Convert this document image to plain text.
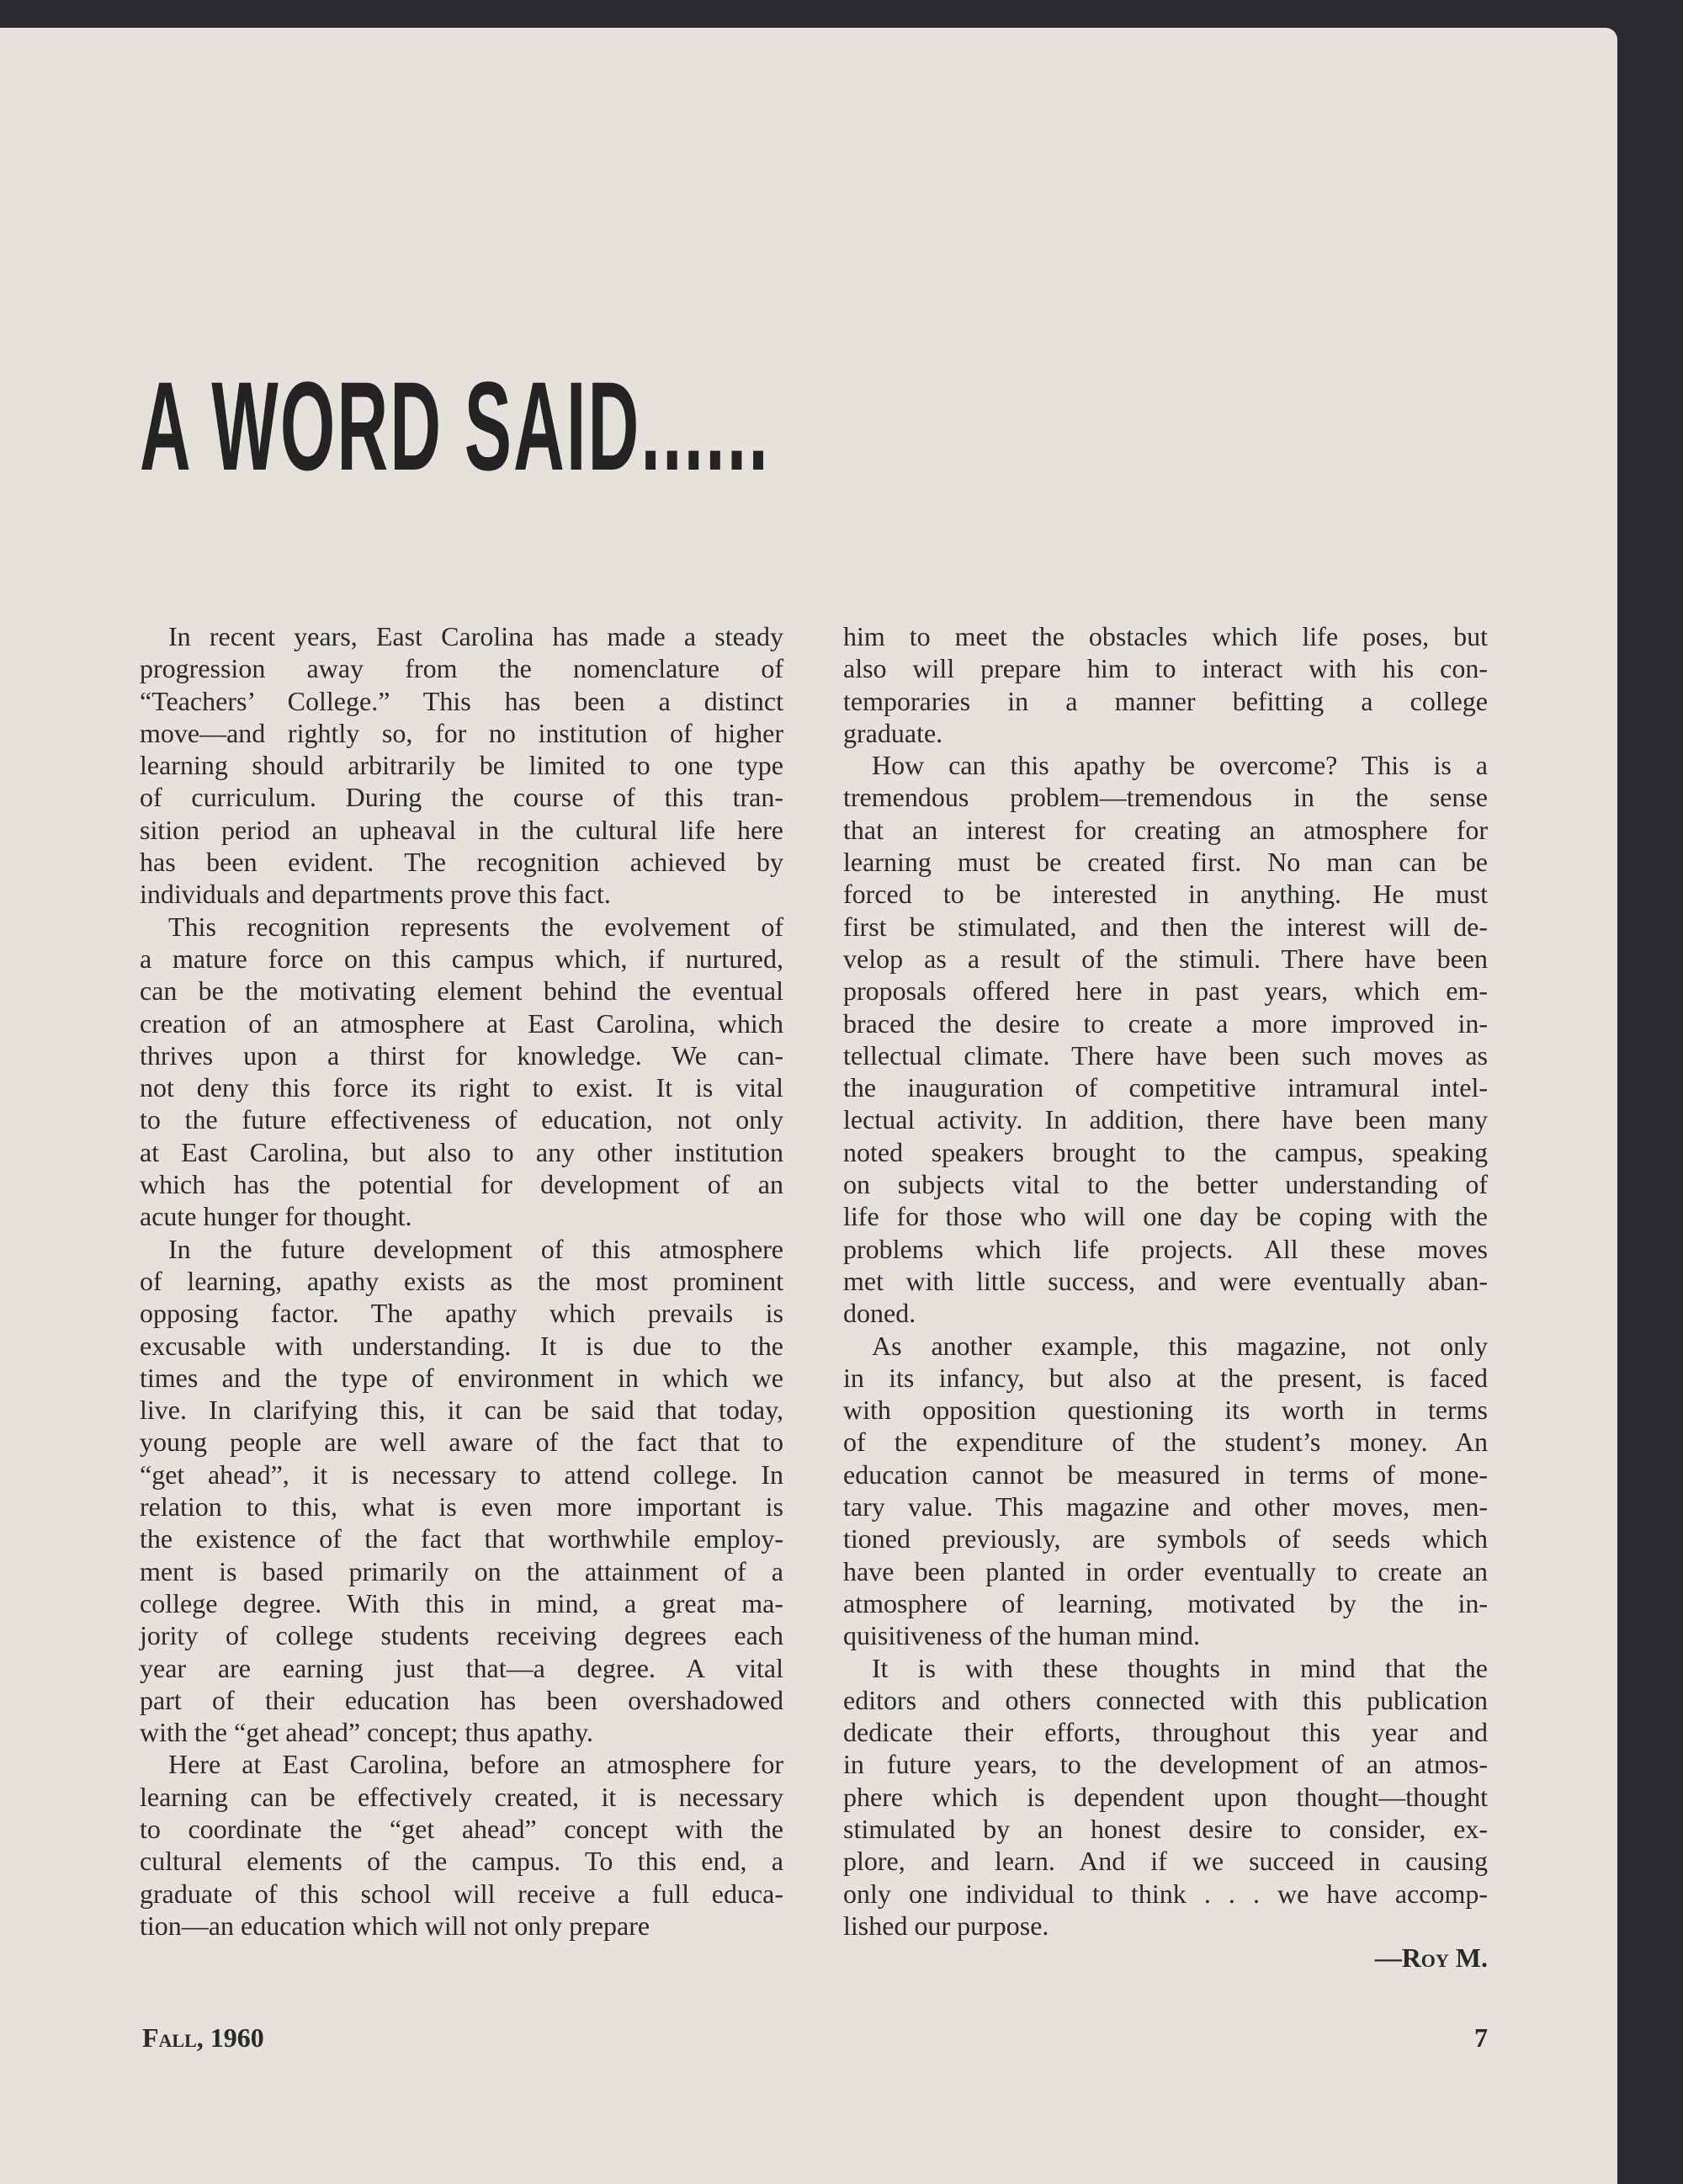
A WORD SAID......
In recent years, East Carolina has made a steady
progression away from the nomenclature of
“Teachers’ College.” This has been a distinct
move—and rightly so, for no institution of higher
learning should arbitrarily be limited to one type
of curriculum. During the course of this tran-
sition period an upheaval in the cultural life here
has been evident. The recognition achieved by
individuals and departments prove this fact.
This recognition represents the evolvement of
a mature force on this campus which, if nurtured,
can be the motivating element behind the eventual
creation of an atmosphere at East Carolina, which
thrives upon a thirst for knowledge. We can-
not deny this force its right to exist. It is vital
to the future effectiveness of education, not only
at East Carolina, but also to any other institution
which has the potential for development of an
acute hunger for thought.
In the future development of this atmosphere
of learning, apathy exists as the most prominent
opposing factor. The apathy which prevails is
excusable with understanding. It is due to the
times and the type of environment in which we
live. In clarifying this, it can be said that today,
young people are well aware of the fact that to
“get ahead”, it is necessary to attend college. In
relation to this, what is even more important is
the existence of the fact that worthwhile employ-
ment is based primarily on the attainment of a
college degree. With this in mind, a great ma-
jority of college students receiving degrees each
year are earning just that—a degree. A vital
part of their education has been overshadowed
with the “get ahead” concept; thus apathy.
Here at East Carolina, before an atmosphere for
learning can be effectively created, it is necessary
to coordinate the “get ahead” concept with the
cultural elements of the campus. To this end, a
graduate of this school will receive a full educa-
tion—an education which will not only prepare
him to meet the obstacles which life poses, but
also will prepare him to interact with his con-
temporaries in a manner befitting a college
graduate.
How can this apathy be overcome? This is a
tremendous problem—tremendous in the sense
that an interest for creating an atmosphere for
learning must be created first. No man can be
forced to be interested in anything. He must
first be stimulated, and then the interest will de-
velop as a result of the stimuli. There have been
proposals offered here in past years, which em-
braced the desire to create a more improved in-
tellectual climate. There have been such moves as
the inauguration of competitive intramural intel-
lectual activity. In addition, there have been many
noted speakers brought to the campus, speaking
on subjects vital to the better understanding of
life for those who will one day be coping with the
problems which life projects. All these moves
met with little success, and were eventually aban-
doned.
As another example, this magazine, not only
in its infancy, but also at the present, is faced
with opposition questioning its worth in terms
of the expenditure of the student’s money. An
education cannot be measured in terms of mone-
tary value. This magazine and other moves, men-
tioned previously, are symbols of seeds which
have been planted in order eventually to create an
atmosphere of learning, motivated by the in-
quisitiveness of the human mind.
It is with these thoughts in mind that the
editors and others connected with this publication
dedicate their efforts, throughout this year and
in future years, to the development of an atmos-
phere which is dependent upon thought—thought
stimulated by an honest desire to consider, ex-
plore, and learn. And if we succeed in causing
only one individual to think . . . we have accomp-
lished our purpose.
—Roy M.
Fall, 1960	7
